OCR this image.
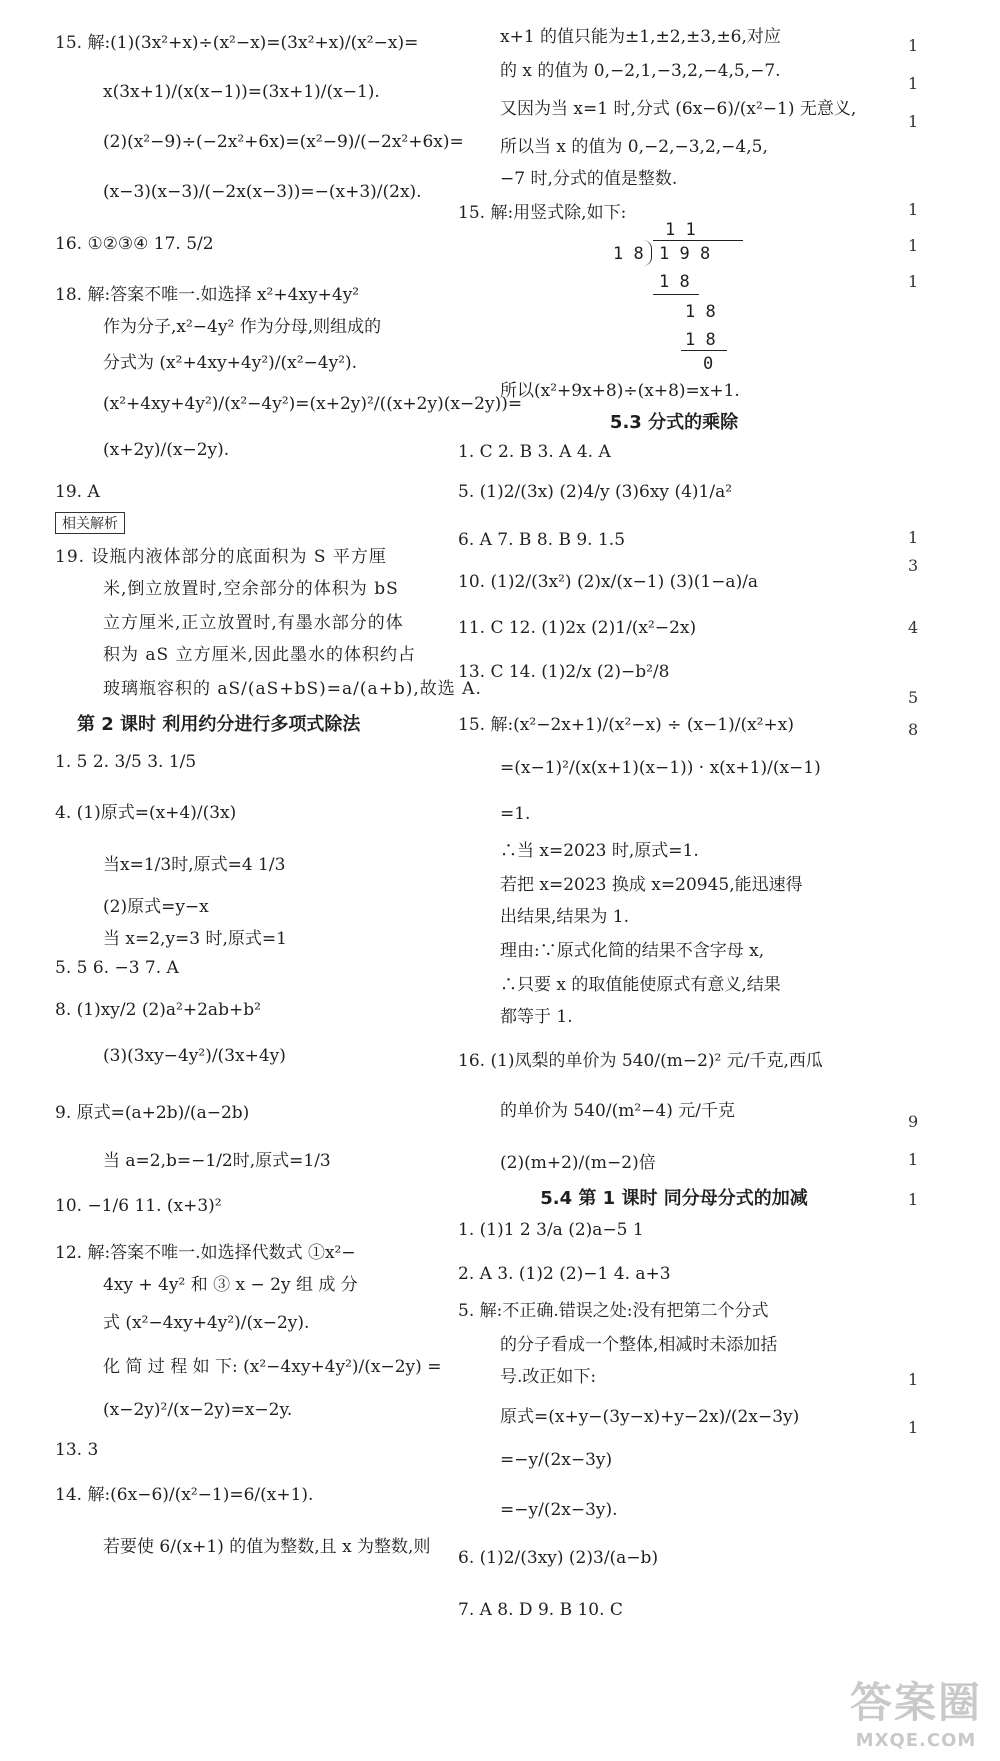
15. 解:(1)(3x²+x)÷(x²−x)=(3x²+x)/(x²−x)=
x(3x+1)/(x(x−1))=(3x+1)/(x−1).
(2)(x²−9)÷(−2x²+6x)=(x²−9)/(−2x²+6x)=
(x−3)(x−3)/(−2x(x−3))=−(x+3)/(2x).
16. ①②③④ 17. 5/2
18. 解:答案不唯一.如选择 x²+4xy+4y²
作为分子,x²−4y² 作为分母,则组成的
分式为 (x²+4xy+4y²)/(x²−4y²).
(x²+4xy+4y²)/(x²−4y²)=(x+2y)²/((x+2y)(x−2y))=
(x+2y)/(x−2y).
19. A
相关解析
19. 设瓶内液体部分的底面积为 S 平方厘
米,倒立放置时,空余部分的体积为 bS
立方厘米,正立放置时,有墨水部分的体
积为 aS 立方厘米,因此墨水的体积约占
玻璃瓶容积的 aS/(aS+bS)=a/(a+b),故选 A.
第 2 课时 利用约分进行多项式除法
1. 5 2. 3/5 3. 1/5
4. (1)原式=(x+4)/(3x)
当x=1/3时,原式=4 1/3
(2)原式=y−x
当 x=2,y=3 时,原式=1
5. 5 6. −3 7. A
8. (1)xy/2 (2)a²+2ab+b²
(3)(3xy−4y²)/(3x+4y)
9. 原式=(a+2b)/(a−2b)
当 a=2,b=−1/2时,原式=1/3
10. −1/6 11. (x+3)²
12. 解:答案不唯一.如选择代数式 ①x²−
4xy + 4y² 和 ③ x − 2y 组 成 分
式 (x²−4xy+4y²)/(x−2y).
化 简 过 程 如 下: (x²−4xy+4y²)/(x−2y) =
(x−2y)²/(x−2y)=x−2y.
13. 3
14. 解:(6x−6)/(x²−1)=6/(x+1).
若要使 6/(x+1) 的值为整数,且 x 为整数,则
x+1 的值只能为±1,±2,±3,±6,对应
的 x 的值为 0,−2,1,−3,2,−4,5,−7.
又因为当 x=1 时,分式 (6x−6)/(x²−1) 无意义,
所以当 x 的值为 0,−2,−3,2,−4,5,
−7 时,分式的值是整数.
15. 解:用竖式除,如下:
1 1
1 8 1 9 8
1 8
1 8
1 8
0
所以(x²+9x+8)÷(x+8)=x+1.
5.3 分式的乘除
1. C 2. B 3. A 4. A
5. (1)2/(3x) (2)4/y (3)6xy (4)1/a²
6. A 7. B 8. B 9. 1.5
10. (1)2/(3x²) (2)x/(x−1) (3)(1−a)/a
11. C 12. (1)2x (2)1/(x²−2x)
13. C 14. (1)2/x (2)−b²/8
15. 解:(x²−2x+1)/(x²−x) ÷ (x−1)/(x²+x)
=(x−1)²/(x(x+1)(x−1)) · x(x+1)/(x−1)
=1.
∴当 x=2023 时,原式=1.
若把 x=2023 换成 x=20945,能迅速得
出结果,结果为 1.
理由:∵原式化简的结果不含字母 x,
∴只要 x 的取值能使原式有意义,结果
都等于 1.
16. (1)凤梨的单价为 540/(m−2)² 元/千克,西瓜
的单价为 540/(m²−4) 元/千克
(2)(m+2)/(m−2)倍
5.4 第 1 课时 同分母分式的加减
1. (1)1 2 3/a (2)a−5 1
2. A 3. (1)2 (2)−1 4. a+3
5. 解:不正确.错误之处:没有把第二个分式
的分子看成一个整体,相减时未添加括
号.改正如下:
原式=(x+y−(3y−x)+y−2x)/(2x−3y)
=−y/(2x−3y)
=−y/(2x−3y).
6. (1)2/(3xy) (2)3/(a−b)
7. A 8. D 9. B 10. C
1
1
1
1
1
1
1
3
4
5
8
9
1
1
1
1
答案圈
MXQE.COM
